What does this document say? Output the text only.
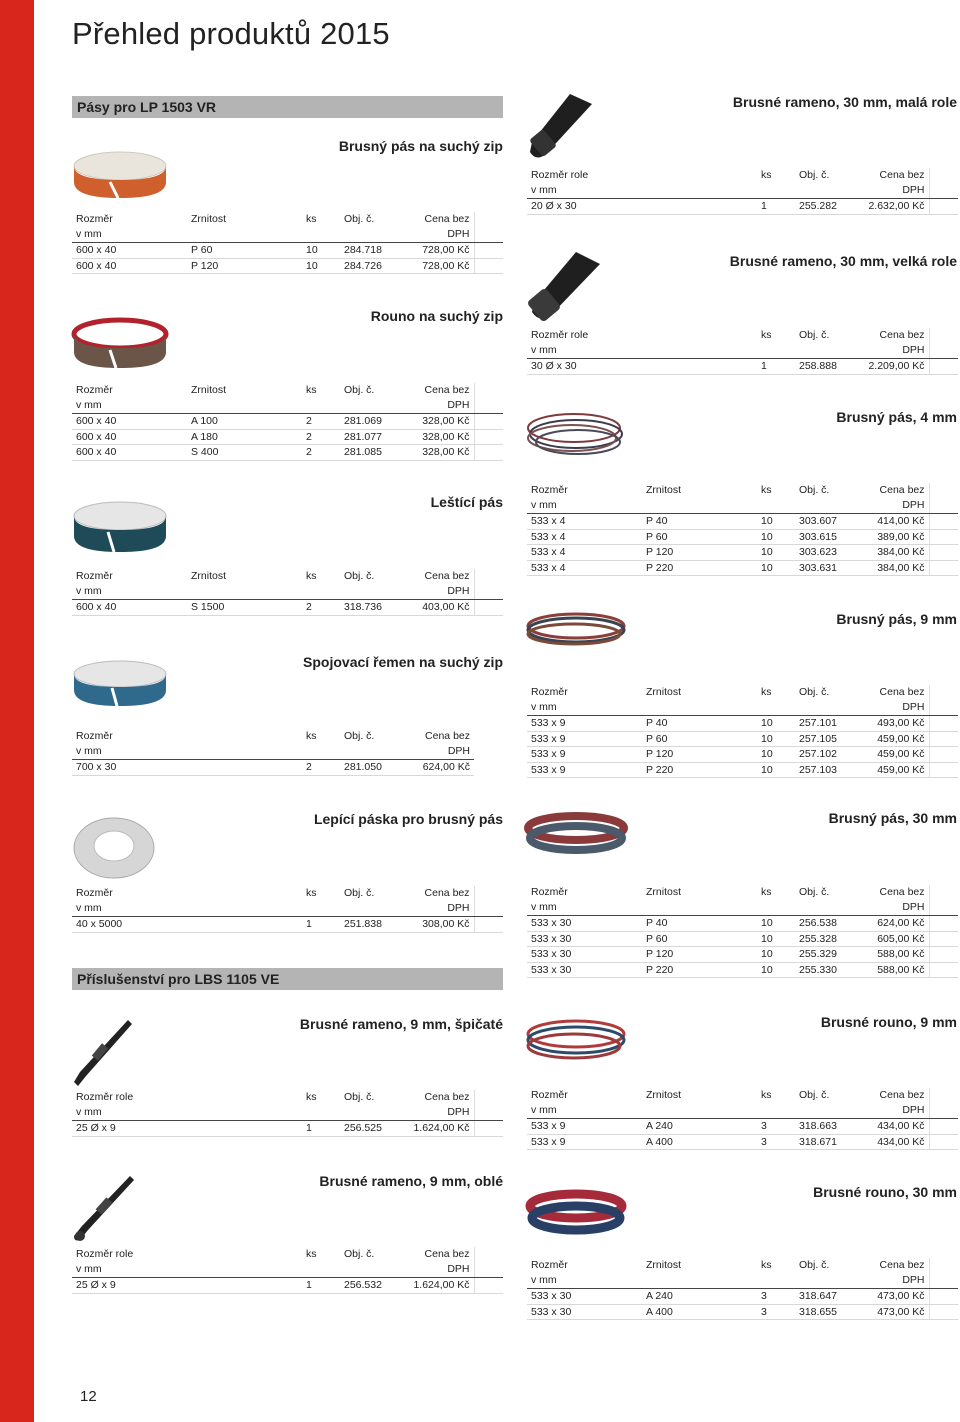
Přehled produktů 2015
Pásy pro LP 1503 VR
Příslušenství pro LBS 1105 VE
Brusný pás na suchý zip
Rozměr	Zrnitost	ks	Obj. č.	Cena bez	
v mm				DPH	
600 x 40	P 60	10	284.718	728,00 Kč	
600 x 40	P 120	10	284.726	728,00 Kč	
Rouno na suchý zip
Rozměr	Zrnitost	ks	Obj. č.	Cena bez	
v mm				DPH	
600 x 40	A 100	2	281.069	328,00 Kč	
600 x 40	A 180	2	281.077	328,00 Kč	
600 x 40	S 400	2	281.085	328,00 Kč	
Leštící pás
Rozměr	Zrnitost	ks	Obj. č.	Cena bez	
v mm				DPH	
600 x 40	S 1500	2	318.736	403,00 Kč	
Spojovací řemen na suchý zip
Rozměr	ks	Obj. č.	Cena bez
v mm			DPH
700 x 30	2	281.050	624,00 Kč
Lepící páska pro brusný pás
Rozměr	ks	Obj. č.	Cena bez	
v mm			DPH	
40 x 5000	1	251.838	308,00 Kč	
Brusné rameno, 9 mm, špičaté
Rozměr role	ks	Obj. č.	Cena bez	
v mm			DPH	
25 Ø x 9	1	256.525	1.624,00 Kč	
Brusné rameno, 9 mm, oblé
Rozměr role	ks	Obj. č.	Cena bez	
v mm			DPH	
25 Ø x 9	1	256.532	1.624,00 Kč	
Brusné rameno, 30 mm, malá role
Rozměr role	ks	Obj. č.	Cena bez	
v mm			DPH	
20 Ø x 30	1	255.282	2.632,00 Kč	
Brusné rameno, 30 mm, velká role
Rozměr role	ks	Obj. č.	Cena bez	
v mm			DPH	
30 Ø x 30	1	258.888	2.209,00 Kč	
Brusný pás, 4 mm
Rozměr	Zrnitost	ks	Obj. č.	Cena bez	
v mm				DPH	
533 x 4	P 40	10	303.607	414,00 Kč	
533 x 4	P 60	10	303.615	389,00 Kč	
533 x 4	P 120	10	303.623	384,00 Kč	
533 x 4	P 220	10	303.631	384,00 Kč	
Brusný pás, 9 mm
Rozměr	Zrnitost	ks	Obj. č.	Cena bez	
v mm				DPH	
533 x 9	P 40	10	257.101	493,00 Kč	
533 x 9	P 60	10	257.105	459,00 Kč	
533 x 9	P 120	10	257.102	459,00 Kč	
533 x 9	P 220	10	257.103	459,00 Kč	
Brusný pás, 30 mm
Rozměr	Zrnitost	ks	Obj. č.	Cena bez	
v mm				DPH	
533 x 30	P 40	10	256.538	624,00 Kč	
533 x 30	P 60	10	255.328	605,00 Kč	
533 x 30	P 120	10	255.329	588,00 Kč	
533 x 30	P 220	10	255.330	588,00 Kč	
Brusné rouno, 9 mm
Rozměr	Zrnitost	ks	Obj. č.	Cena bez	
v mm				DPH	
533 x 9	A 240	3	318.663	434,00 Kč	
533 x 9	A 400	3	318.671	434,00 Kč	
Brusné rouno, 30 mm
Rozměr	Zrnitost	ks	Obj. č.	Cena bez	
v mm				DPH	
533 x 30	A 240	3	318.647	473,00 Kč	
533 x 30	A 400	3	318.655	473,00 Kč	
12
